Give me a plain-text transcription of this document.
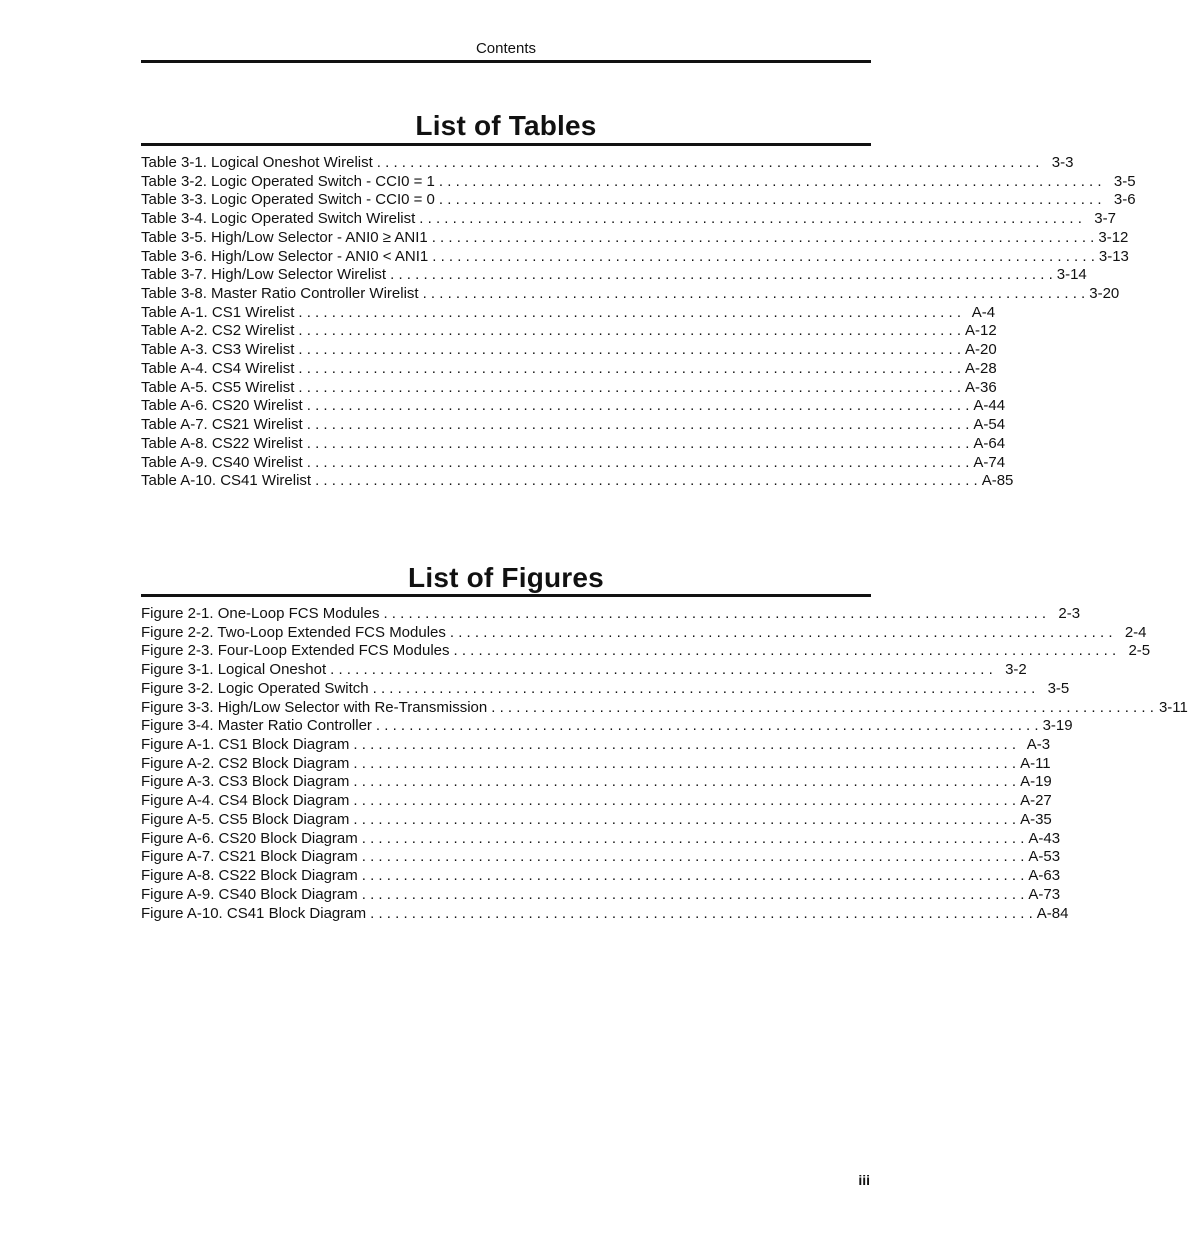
Contents
List of Tables
Table 3-1. Logical Oneshot Wirelist . . . . . . . . . . . . . . . . . . . . . . . . . . . . . . . . . . . . . . . . . . . . . . . . . . . . . . . . . . . . . . . . . . . . . . . . . . . . . . . . 3-3
Table 3-2. Logic Operated Switch - CCI0 = 1 . . . . . . . . . . . . . . . . . . . . . . . . . . . . . . . . . . . . . . . . . . . . . . . . . . . . . . . . . . . . . . . . . . . . . . . . . . . . . . . . 3-5
Table 3-3. Logic Operated Switch - CCI0 = 0 . . . . . . . . . . . . . . . . . . . . . . . . . . . . . . . . . . . . . . . . . . . . . . . . . . . . . . . . . . . . . . . . . . . . . . . . . . . . . . . . 3-6
Table 3-4. Logic Operated Switch Wirelist . . . . . . . . . . . . . . . . . . . . . . . . . . . . . . . . . . . . . . . . . . . . . . . . . . . . . . . . . . . . . . . . . . . . . . . . . . . . . . . . 3-7
Table 3-5. High/Low Selector - ANI0 ≥ ANI1 . . . . . . . . . . . . . . . . . . . . . . . . . . . . . . . . . . . . . . . . . . . . . . . . . . . . . . . . . . . . . . . . . . . . . . . . . . . . . . . . 3-12
Table 3-6. High/Low Selector - ANI0 < ANI1 . . . . . . . . . . . . . . . . . . . . . . . . . . . . . . . . . . . . . . . . . . . . . . . . . . . . . . . . . . . . . . . . . . . . . . . . . . . . . . . . 3-13
Table 3-7. High/Low Selector Wirelist . . . . . . . . . . . . . . . . . . . . . . . . . . . . . . . . . . . . . . . . . . . . . . . . . . . . . . . . . . . . . . . . . . . . . . . . . . . . . . . . 3-14
Table 3-8. Master Ratio Controller Wirelist . . . . . . . . . . . . . . . . . . . . . . . . . . . . . . . . . . . . . . . . . . . . . . . . . . . . . . . . . . . . . . . . . . . . . . . . . . . . . . . . 3-20
Table A-1. CS1 Wirelist . . . . . . . . . . . . . . . . . . . . . . . . . . . . . . . . . . . . . . . . . . . . . . . . . . . . . . . . . . . . . . . . . . . . . . . . . . . . . . . . A-4
Table A-2. CS2 Wirelist . . . . . . . . . . . . . . . . . . . . . . . . . . . . . . . . . . . . . . . . . . . . . . . . . . . . . . . . . . . . . . . . . . . . . . . . . . . . . . . . A-12
Table A-3. CS3 Wirelist . . . . . . . . . . . . . . . . . . . . . . . . . . . . . . . . . . . . . . . . . . . . . . . . . . . . . . . . . . . . . . . . . . . . . . . . . . . . . . . . A-20
Table A-4. CS4 Wirelist . . . . . . . . . . . . . . . . . . . . . . . . . . . . . . . . . . . . . . . . . . . . . . . . . . . . . . . . . . . . . . . . . . . . . . . . . . . . . . . . A-28
Table A-5. CS5 Wirelist . . . . . . . . . . . . . . . . . . . . . . . . . . . . . . . . . . . . . . . . . . . . . . . . . . . . . . . . . . . . . . . . . . . . . . . . . . . . . . . . A-36
Table A-6. CS20 Wirelist . . . . . . . . . . . . . . . . . . . . . . . . . . . . . . . . . . . . . . . . . . . . . . . . . . . . . . . . . . . . . . . . . . . . . . . . . . . . . . . . A-44
Table A-7. CS21 Wirelist . . . . . . . . . . . . . . . . . . . . . . . . . . . . . . . . . . . . . . . . . . . . . . . . . . . . . . . . . . . . . . . . . . . . . . . . . . . . . . . . A-54
Table A-8. CS22 Wirelist . . . . . . . . . . . . . . . . . . . . . . . . . . . . . . . . . . . . . . . . . . . . . . . . . . . . . . . . . . . . . . . . . . . . . . . . . . . . . . . . A-64
Table A-9. CS40 Wirelist . . . . . . . . . . . . . . . . . . . . . . . . . . . . . . . . . . . . . . . . . . . . . . . . . . . . . . . . . . . . . . . . . . . . . . . . . . . . . . . . A-74
Table A-10. CS41 Wirelist . . . . . . . . . . . . . . . . . . . . . . . . . . . . . . . . . . . . . . . . . . . . . . . . . . . . . . . . . . . . . . . . . . . . . . . . . . . . . . . . A-85
List of Figures
Figure 2-1. One-Loop FCS Modules . . . . . . . . . . . . . . . . . . . . . . . . . . . . . . . . . . . . . . . . . . . . . . . . . . . . . . . . . . . . . . . . . . . . . . . . . . . . . . . . 2-3
Figure 2-2. Two-Loop Extended FCS Modules . . . . . . . . . . . . . . . . . . . . . . . . . . . . . . . . . . . . . . . . . . . . . . . . . . . . . . . . . . . . . . . . . . . . . . . . . . . . . . . . 2-4
Figure 2-3. Four-Loop Extended FCS Modules . . . . . . . . . . . . . . . . . . . . . . . . . . . . . . . . . . . . . . . . . . . . . . . . . . . . . . . . . . . . . . . . . . . . . . . . . . . . . . . . 2-5
Figure 3-1. Logical Oneshot . . . . . . . . . . . . . . . . . . . . . . . . . . . . . . . . . . . . . . . . . . . . . . . . . . . . . . . . . . . . . . . . . . . . . . . . . . . . . . . . 3-2
Figure 3-2. Logic Operated Switch . . . . . . . . . . . . . . . . . . . . . . . . . . . . . . . . . . . . . . . . . . . . . . . . . . . . . . . . . . . . . . . . . . . . . . . . . . . . . . . . 3-5
Figure 3-3. High/Low Selector with Re-Transmission . . . . . . . . . . . . . . . . . . . . . . . . . . . . . . . . . . . . . . . . . . . . . . . . . . . . . . . . . . . . . . . . . . . . . . . . . . . . . . . . 3-11
Figure 3-4. Master Ratio Controller . . . . . . . . . . . . . . . . . . . . . . . . . . . . . . . . . . . . . . . . . . . . . . . . . . . . . . . . . . . . . . . . . . . . . . . . . . . . . . . . 3-19
Figure A-1. CS1 Block Diagram . . . . . . . . . . . . . . . . . . . . . . . . . . . . . . . . . . . . . . . . . . . . . . . . . . . . . . . . . . . . . . . . . . . . . . . . . . . . . . . . A-3
Figure A-2. CS2 Block Diagram . . . . . . . . . . . . . . . . . . . . . . . . . . . . . . . . . . . . . . . . . . . . . . . . . . . . . . . . . . . . . . . . . . . . . . . . . . . . . . . . A-11
Figure A-3. CS3 Block Diagram . . . . . . . . . . . . . . . . . . . . . . . . . . . . . . . . . . . . . . . . . . . . . . . . . . . . . . . . . . . . . . . . . . . . . . . . . . . . . . . . A-19
Figure A-4. CS4 Block Diagram . . . . . . . . . . . . . . . . . . . . . . . . . . . . . . . . . . . . . . . . . . . . . . . . . . . . . . . . . . . . . . . . . . . . . . . . . . . . . . . . A-27
Figure A-5. CS5 Block Diagram . . . . . . . . . . . . . . . . . . . . . . . . . . . . . . . . . . . . . . . . . . . . . . . . . . . . . . . . . . . . . . . . . . . . . . . . . . . . . . . . A-35
Figure A-6. CS20 Block Diagram . . . . . . . . . . . . . . . . . . . . . . . . . . . . . . . . . . . . . . . . . . . . . . . . . . . . . . . . . . . . . . . . . . . . . . . . . . . . . . . . A-43
Figure A-7. CS21 Block Diagram . . . . . . . . . . . . . . . . . . . . . . . . . . . . . . . . . . . . . . . . . . . . . . . . . . . . . . . . . . . . . . . . . . . . . . . . . . . . . . . . A-53
Figure A-8. CS22 Block Diagram . . . . . . . . . . . . . . . . . . . . . . . . . . . . . . . . . . . . . . . . . . . . . . . . . . . . . . . . . . . . . . . . . . . . . . . . . . . . . . . . A-63
Figure A-9. CS40 Block Diagram . . . . . . . . . . . . . . . . . . . . . . . . . . . . . . . . . . . . . . . . . . . . . . . . . . . . . . . . . . . . . . . . . . . . . . . . . . . . . . . . A-73
Figure A-10. CS41 Block Diagram . . . . . . . . . . . . . . . . . . . . . . . . . . . . . . . . . . . . . . . . . . . . . . . . . . . . . . . . . . . . . . . . . . . . . . . . . . . . . . . . A-84
iii
